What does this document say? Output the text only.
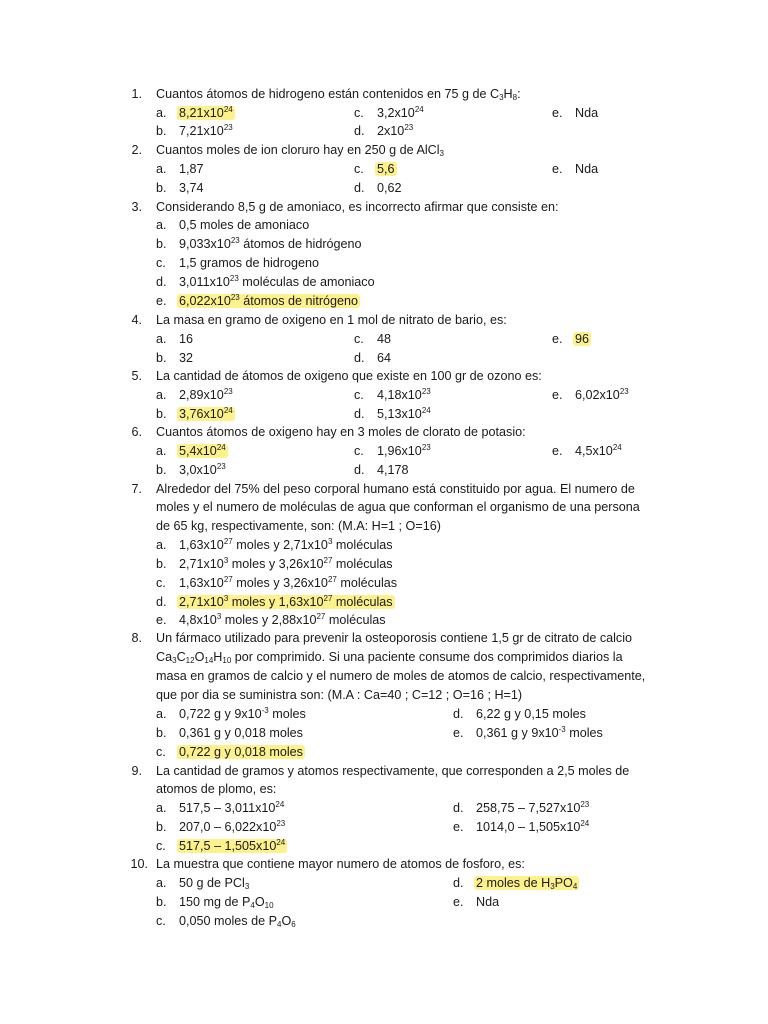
1. Cuantos átomos de hidrogeno están contenidos en 75 g de $C_3H_8$:
a. $8,21x10^{24}$	c. $3,2x10^{24}$	e. Nda
b. $7,21x10^{23}$	d. $2x10^{23}$
2. Cuantos moles de ion cloruro hay en 250 g de AlCl$_3$
a. 1,87	c. 5,6	e. Nda
b. 3,74	d. 0,62
3. Considerando 8,5 g de amoniaco, es incorrecto afirmar que consiste en:
a. 0,5 moles de amoniaco
b. $9,033x10^{23}$ átomos de hidrógeno
c. 1,5 gramos de hidrogeno
d. $3,011x10^{23}$ moléculas de amoniaco
e. $6,022x10^{23}$ átomos de nitrógeno
4. La masa en gramo de oxigeno en 1 mol de nitrato de bario, es:
a. 16	c. 48	e. 96
b. 32	d. 64
5. La cantidad de átomos de oxigeno que existe en 100 gr de ozono es:
a. $2,89x10^{23}$	c. $4,18x10^{23}$	e. $6,02x10^{23}$
b. $3,76x10^{24}$	d. $5,13x10^{24}$
6. Cuantos átomos de oxigeno hay en 3 moles de clorato de potasio:
a. $5,4x10^{24}$	c. $1,96x10^{23}$	e. $4,5x10^{24}$
b. $3,0x10^{23}$	d. 4,178
7. Alrededor del 75% del peso corporal humano está constituido por agua. El numero de
moles y el numero de moléculas de agua que conforman el organismo de una persona
de 65 kg, respectivamente, son: (M.A: H=1 ; O=16)
a. $1,63x10^{27}$ moles y $2,71x10^3$ moléculas
b. $2,71x10^3$ moles y $3,26x10^{27}$ moléculas
c. $1,63x10^{27}$ moles y $3,26x10^{27}$ moléculas
d. $2,71x10^3$ moles y $1,63x10^{27}$ moléculas
e. $4,8x10^3$ moles y $2,88x10^{27}$ moléculas
8. Un fármaco utilizado para prevenir la osteoporosis contiene 1,5 gr de citrato de calcio
$Ca_3C_{12}O_{14}H_{10}$ por comprimido. Si una paciente consume dos comprimidos diarios la
masa en gramos de calcio y el numero de moles de atomos de calcio, respectivamente,
que por dia se suministra son: (M.A : Ca=40 ; C=12 ; O=16 ; H=1)
a. 0,722 g y $9x10^{-3}$ moles	d. 6,22 g y 0,15 moles
b. 0,361 g y 0,018 moles	e. 0,361 g y $9x10^{-3}$ moles
c. 0,722 g y 0,018 moles
9. La cantidad de gramos y atomos respectivamente, que corresponden a 2,5 moles de
atomos de plomo, es:
a. $517,5 - 3,011x10^{24}$	d. $258,75 - 7,527x10^{23}$
b. $207,0 - 6,022x10^{23}$	e. $1014,0 - 1,505x10^{24}$
c. $517,5 - 1,505x10^{24}$
10. La muestra que contiene mayor numero de atomos de fosforo, es:
a. 50 g de PCl$_3$	d. 2 moles de $H_3PO_4$
b. 150 mg de $P_4O_{10}$	e. Nda
c. 0,050 moles de $P_4O_6$
